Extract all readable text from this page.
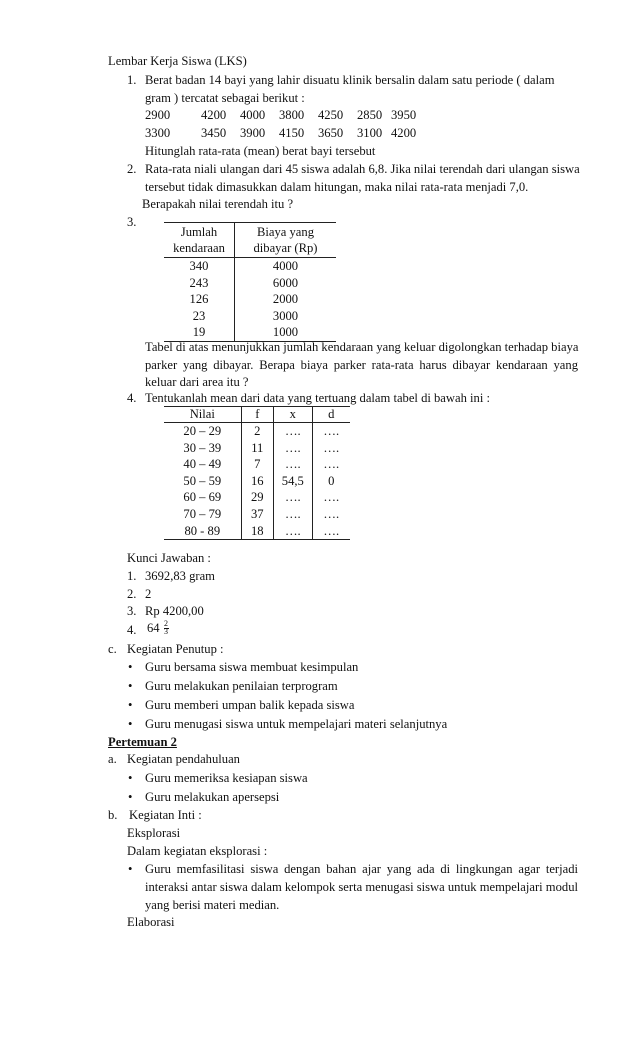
Lembar Kerja Siswa (LKS)
1. Berat badan 14 bayi yang lahir disuatu klinik bersalin dalam satu periode ( dalam
gram ) tercatat sebagai berikut :
2900 4200 4000 3800 4250 2850 3950
3300 3450 3900 4150 3650 3100 4200
Hitunglah rata-rata (mean) berat bayi tersebut
2. Rata-rata niali ulangan dari 45 siswa adalah 6,8. Jika nilai terendah dari ulangan siswa
tersebut tidak dimasukkan dalam hitungan, maka nilai rata-rata menjadi 7,0.
Berapakah nilai terendah itu ?
3.
Jumlah
kendaraan	Biaya yang
dibayar (Rp)
340	4000
243	6000
126	2000
23	3000
19	1000
Tabel di atas menunjukkan jumlah kendaraan yang keluar digolongkan terhadap biaya
parker yang dibayar. Berapa biaya parker rata-rata harus dibayar kendaraan yang
keluar dari area itu ?
4. Tentukanlah mean dari data yang tertuang dalam tabel di bawah ini :
Nilai	f	x	d
20 – 29	2	….	….
30 – 39	11	….	….
40 – 49	7	….	….
50 – 59	16	54,5	0
60 – 69	29	….	….
70 – 79	37	….	….
80 - 89	18	….	….
Kunci Jawaban :
1. 3692,83 gram
2. 2
3. Rp 4200,00
4. 64 2
3
c. Kegiatan Penutup :
•
Guru bersama siswa membuat kesimpulan
•
Guru melakukan penilaian terprogram
•
Guru memberi umpan balik kepada siswa
•
Guru menugasi siswa untuk mempelajari materi selanjutnya
Pertemuan 2
a. Kegiatan pendahuluan
•
Guru memeriksa kesiapan siswa
•
Guru melakukan apersepsi
b. Kegiatan Inti :
Eksplorasi
Dalam kegiatan eksplorasi :
•
Guru memfasilitasi siswa dengan bahan ajar yang ada di lingkungan agar terjadi
interaksi antar siswa dalam kelompok serta menugasi siswa untuk mempelajari modul
yang berisi materi median.
Elaborasi
